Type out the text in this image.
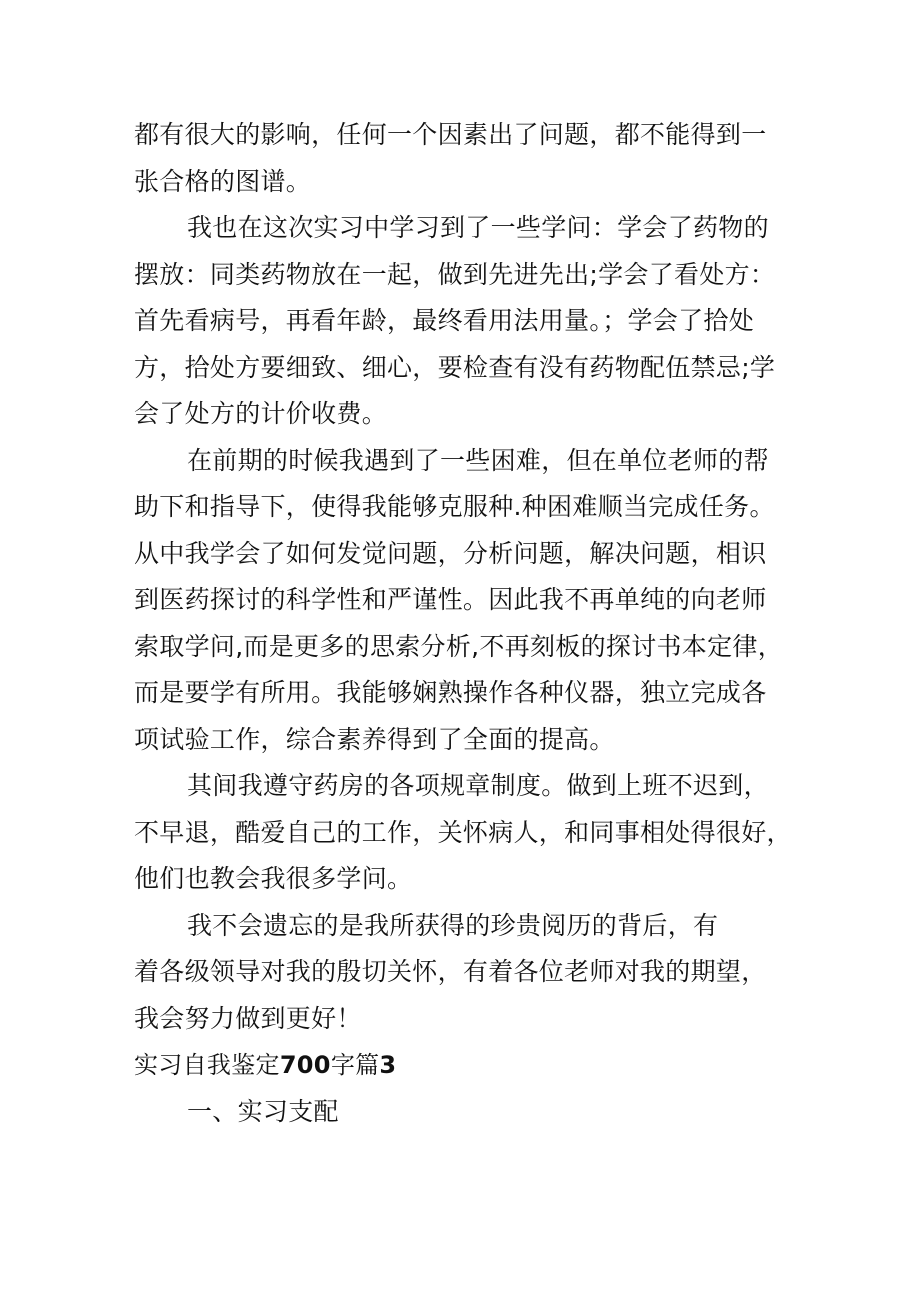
都有很大的影响，任何一个因素出了问题，都不能得到一
张合格的图谱。
我也在这次实习中学习到了一些学问：学会了药物的
摆放：同类药物放在一起，做到先进先出;学会了看处方：
首先看病号，再看年龄，最终看用法用量。；学会了拾处
方，拾处方要细致、细心，要检查有没有药物配伍禁忌;学
会了处方的计价收费。
在前期的时候我遇到了一些困难，但在单位老师的帮
助下和指导下，使得我能够克服种.种困难顺当完成任务。
从中我学会了如何发觉问题，分析问题，解决问题，相识
到医药探讨的科学性和严谨性。因此我不再单纯的向老师
索取学问,而是更多的思索分析,不再刻板的探讨书本定律，
而是要学有所用。我能够娴熟操作各种仪器，独立完成各
项试验工作，综合素养得到了全面的提高。
其间我遵守药房的各项规章制度。做到上班不迟到，
不早退，酷爱自己的工作，关怀病人，和同事相处得很好，
他们也教会我很多学问。
我不会遗忘的是我所获得的珍贵阅历的背后，有
着各级领导对我的殷切关怀，有着各位老师对我的期望，
我会努力做到更好！
实习自我鉴定700字篇3
一、实习支配
